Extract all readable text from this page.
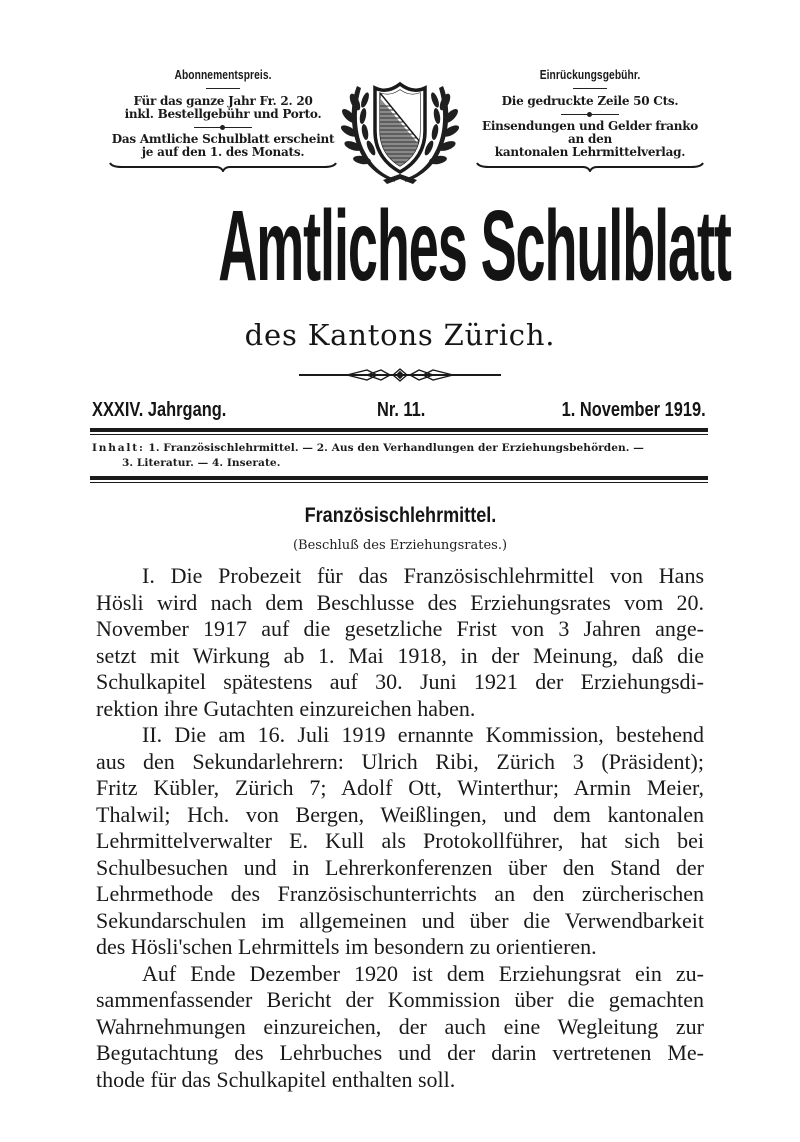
Abonnementspreis.
Für das ganze Jahr Fr. 2. 20
inkl. Bestellgebühr und Porto.
Das Amtliche Schulblatt erscheint
je auf den 1. des Monats.
Einrückungsgebühr.
Die gedruckte Zeile 50 Cts.
Einsendungen und Gelder franko
an den
kantonalen Lehrmittelverlag.
Amtliches Schulblatt
des Kantons Zürich.
XXXIV. Jahrgang.	Nr. 11.	1. November 1919.
Inhalt: 1. Französischlehrmittel. — 2. Aus den Verhandlungen der Erziehungsbehörden. —
3. Literatur. — 4. Inserate.
Französischlehrmittel.
(Beschluß des Erziehungsrates.)
I. Die Probezeit für das Französischlehrmittel von Hans
Hösli wird nach dem Beschlusse des Erziehungsrates vom 20.
November 1917 auf die gesetzliche Frist von 3 Jahren ange-
setzt mit Wirkung ab 1. Mai 1918, in der Meinung, daß die
Schulkapitel spätestens auf 30. Juni 1921 der Erziehungsdi-
rektion ihre Gutachten einzureichen haben.
II. Die am 16. Juli 1919 ernannte Kommission, bestehend
aus den Sekundarlehrern: Ulrich Ribi, Zürich 3 (Präsident);
Fritz Kübler, Zürich 7; Adolf Ott, Winterthur; Armin Meier,
Thalwil; Hch. von Bergen, Weißlingen, und dem kantonalen
Lehrmittelverwalter E. Kull als Protokollführer, hat sich bei
Schulbesuchen und in Lehrerkonferenzen über den Stand der
Lehrmethode des Französischunterrichts an den zürcherischen
Sekundarschulen im allgemeinen und über die Verwendbarkeit
des Hösli'schen Lehrmittels im besondern zu orientieren.
Auf Ende Dezember 1920 ist dem Erziehungsrat ein zu-
sammenfassender Bericht der Kommission über die gemachten
Wahrnehmungen einzureichen, der auch eine Wegleitung zur
Begutachtung des Lehrbuches und der darin vertretenen Me-
thode für das Schulkapitel enthalten soll.
